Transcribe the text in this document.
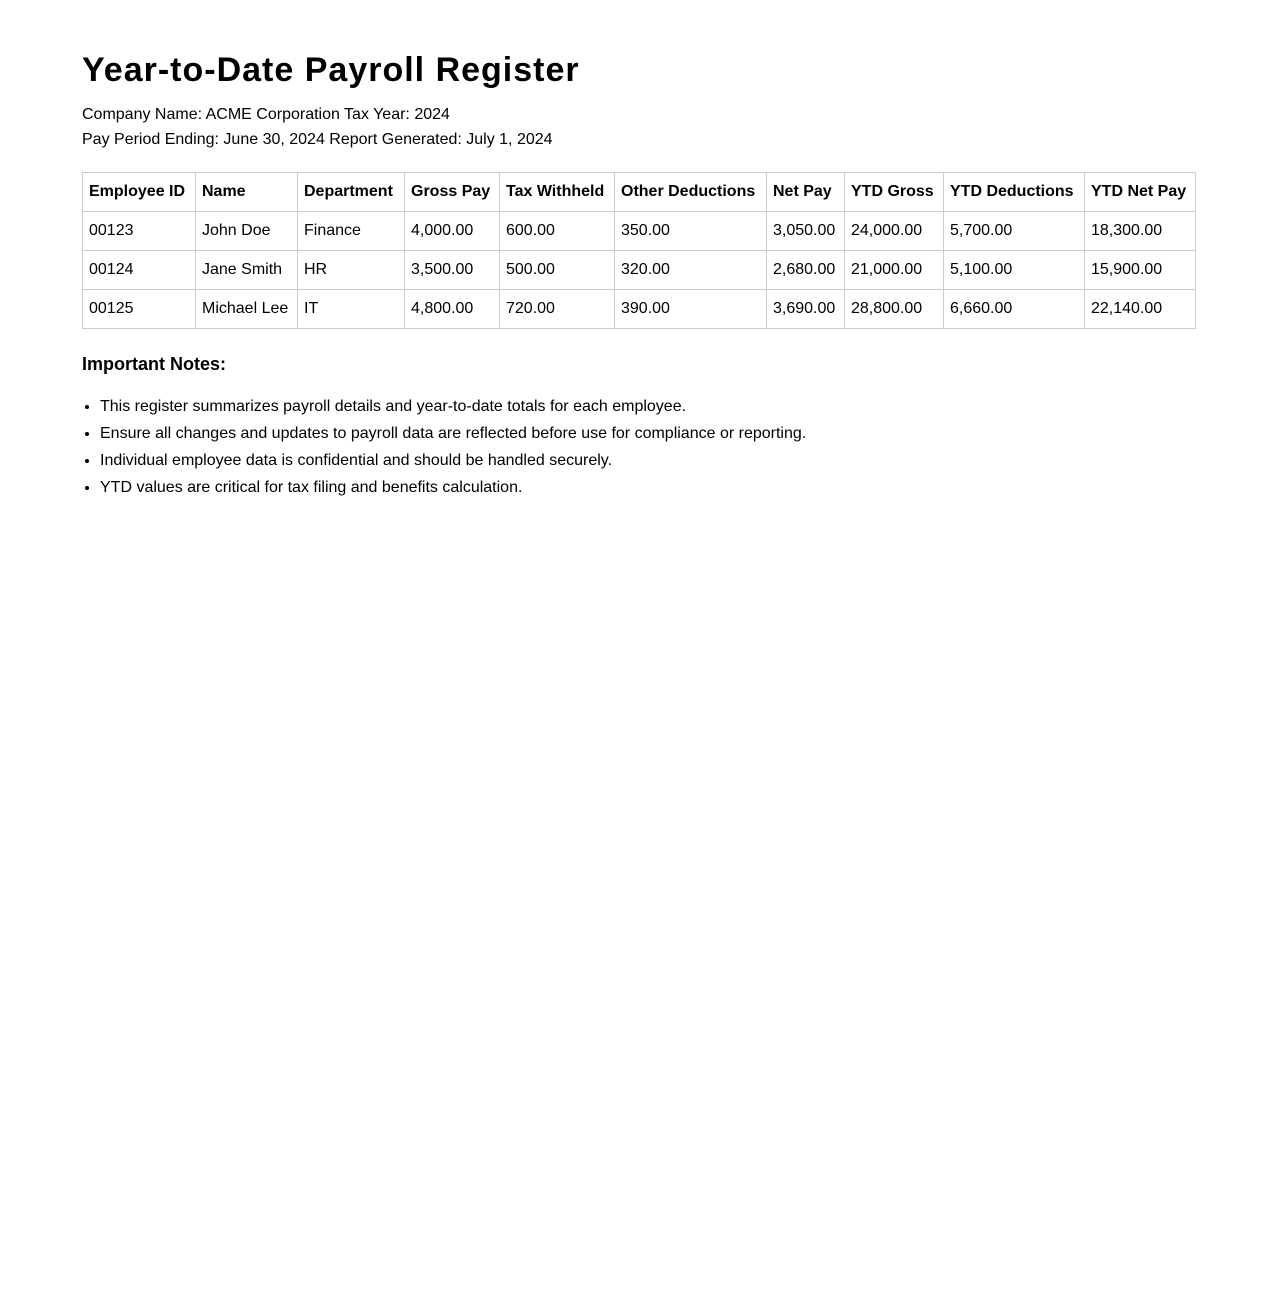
Year-to-Date Payroll Register
Company Name: ACME Corporation Tax Year: 2024
Pay Period Ending: June 30, 2024 Report Generated: July 1, 2024
Employee ID	Name	Department	Gross Pay	Tax Withheld	Other Deductions	Net Pay	YTD Gross	YTD Deductions	YTD Net Pay
00123	John Doe	Finance	4,000.00	600.00	350.00	3,050.00	24,000.00	5,700.00	18,300.00
00124	Jane Smith	HR	3,500.00	500.00	320.00	2,680.00	21,000.00	5,100.00	15,900.00
00125	Michael Lee	IT	4,800.00	720.00	390.00	3,690.00	28,800.00	6,660.00	22,140.00
Important Notes:
• This register summarizes payroll details and year-to-date totals for each employee.
• Ensure all changes and updates to payroll data are reflected before use for compliance or reporting.
• Individual employee data is confidential and should be handled securely.
• YTD values are critical for tax filing and benefits calculation.
